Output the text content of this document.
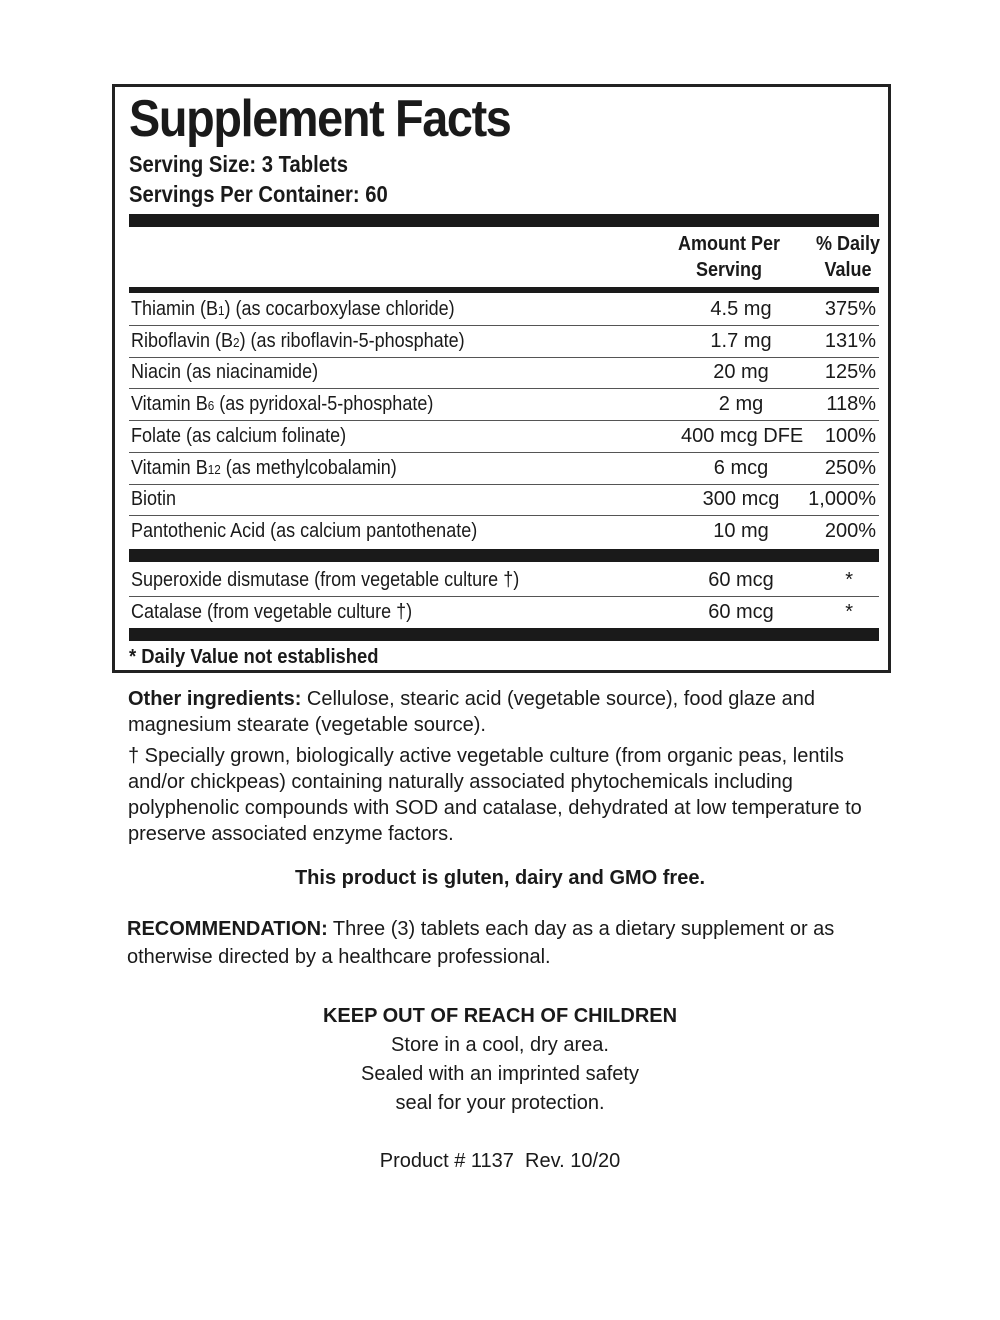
Supplement Facts
Serving Size: 3 Tablets
Servings Per Container: 60
Amount Per
Serving
% Daily
Value
Thiamin (B1) (as cocarboxylase chloride)	4.5 mg	375%
Riboflavin (B2) (as riboflavin-5-phosphate)	1.7 mg	131%
Niacin (as niacinamide)	20 mg	125%
Vitamin B6 (as pyridoxal-5-phosphate)	2 mg	118%
Folate (as calcium folinate)	400 mcg DFE	100%
Vitamin B12 (as methylcobalamin)	6 mcg	250%
Biotin	300 mcg	1,000%
Pantothenic Acid (as calcium pantothenate)	10 mg	200%
Superoxide dismutase (from vegetable culture †)	60 mcg	*
Catalase (from vegetable culture †)	60 mcg	*
* Daily Value not established
Other ingredients: Cellulose, stearic acid (vegetable source), food glaze and magnesium stearate (vegetable source).
† Specially grown, biologically active vegetable culture (from organic peas, lentils and/or chickpeas) containing naturally associated phytochemicals including polyphenolic compounds with SOD and catalase, dehydrated at low temperature to preserve associated enzyme factors.
This product is gluten, dairy and GMO free.
RECOMMENDATION: Three (3) tablets each day as a dietary supplement or as otherwise directed by a healthcare professional.
KEEP OUT OF REACH OF CHILDREN
Store in a cool, dry area.
Sealed with an imprinted safety
seal for your protection.
Product # 1137  Rev. 10/20
